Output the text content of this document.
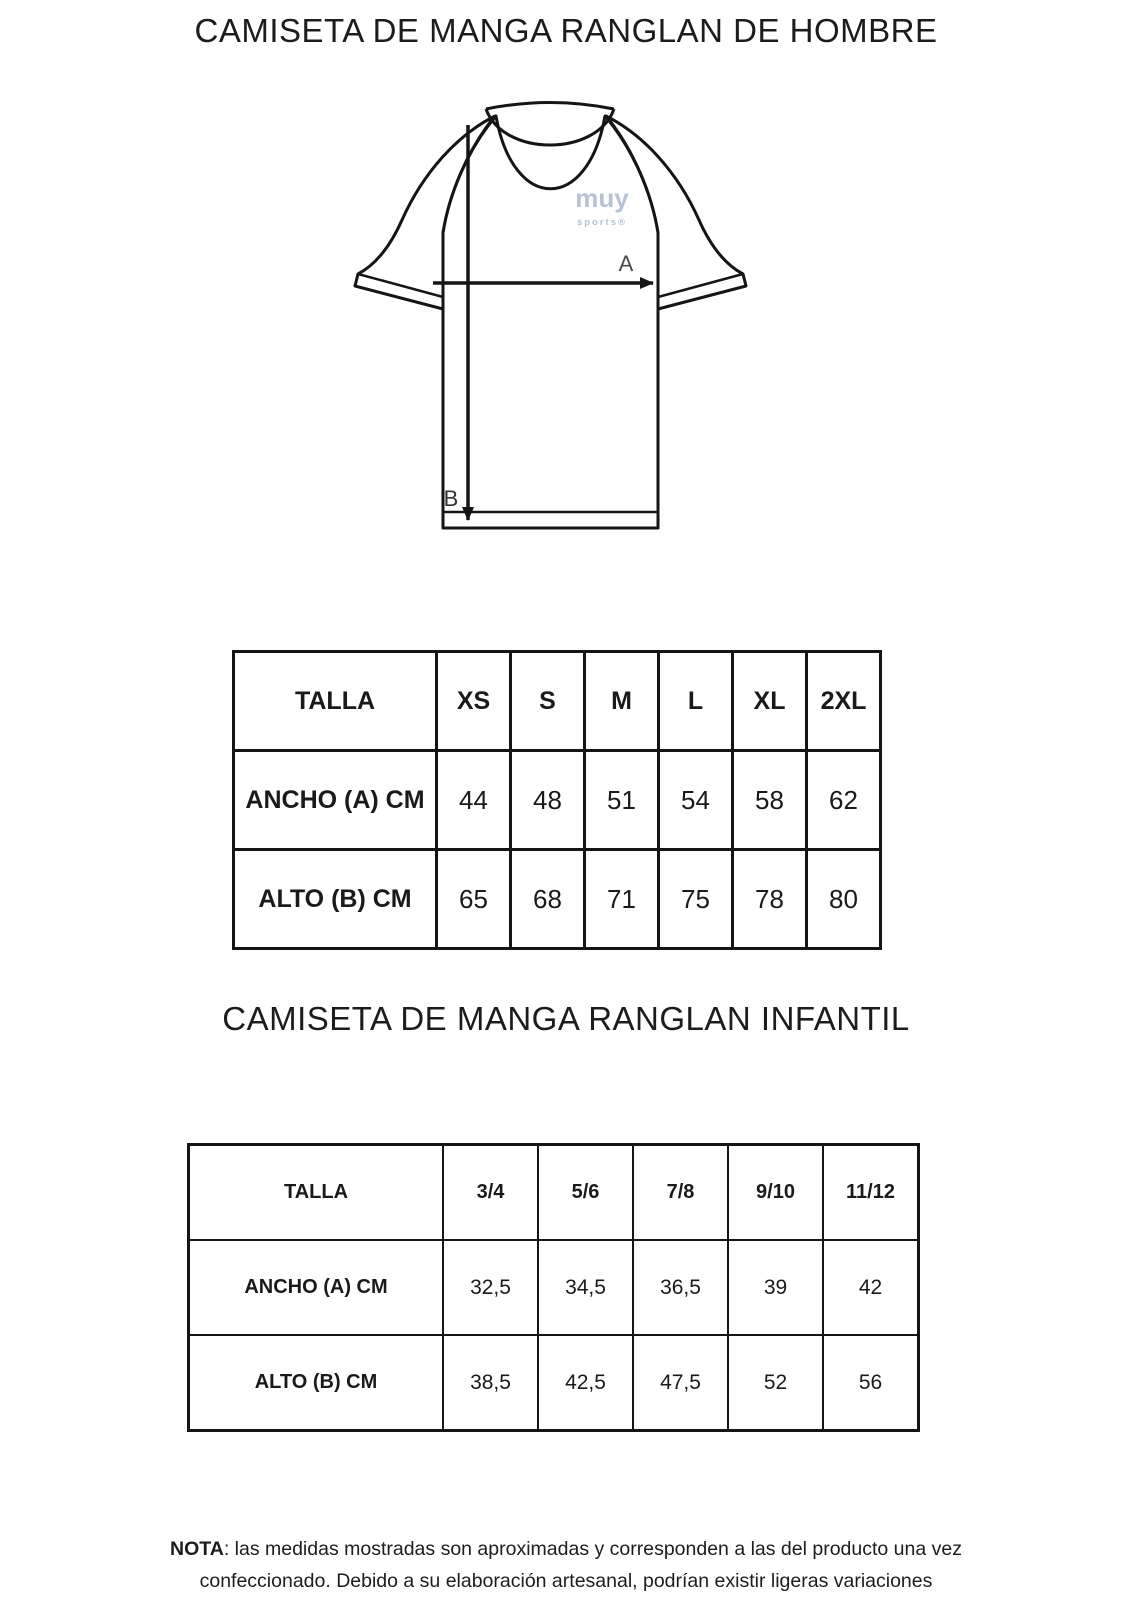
CAMISETA DE MANGA RANGLAN DE HOMBRE
muy
sports®
A
B
TALLA	XS	S	M	L	XL	2XL
ANCHO (A) CM	44	48	51	54	58	62
ALTO (B) CM	65	68	71	75	78	80
CAMISETA DE MANGA RANGLAN INFANTIL
TALLA	3/4	5/6	7/8	9/10	11/12
ANCHO (A) CM	32,5	34,5	36,5	39	42
ALTO (B) CM	38,5	42,5	47,5	52	56
NOTA: las medidas mostradas son aproximadas y corresponden a las del producto una vez
confeccionado. Debido a su elaboración artesanal, podrían existir ligeras variaciones
